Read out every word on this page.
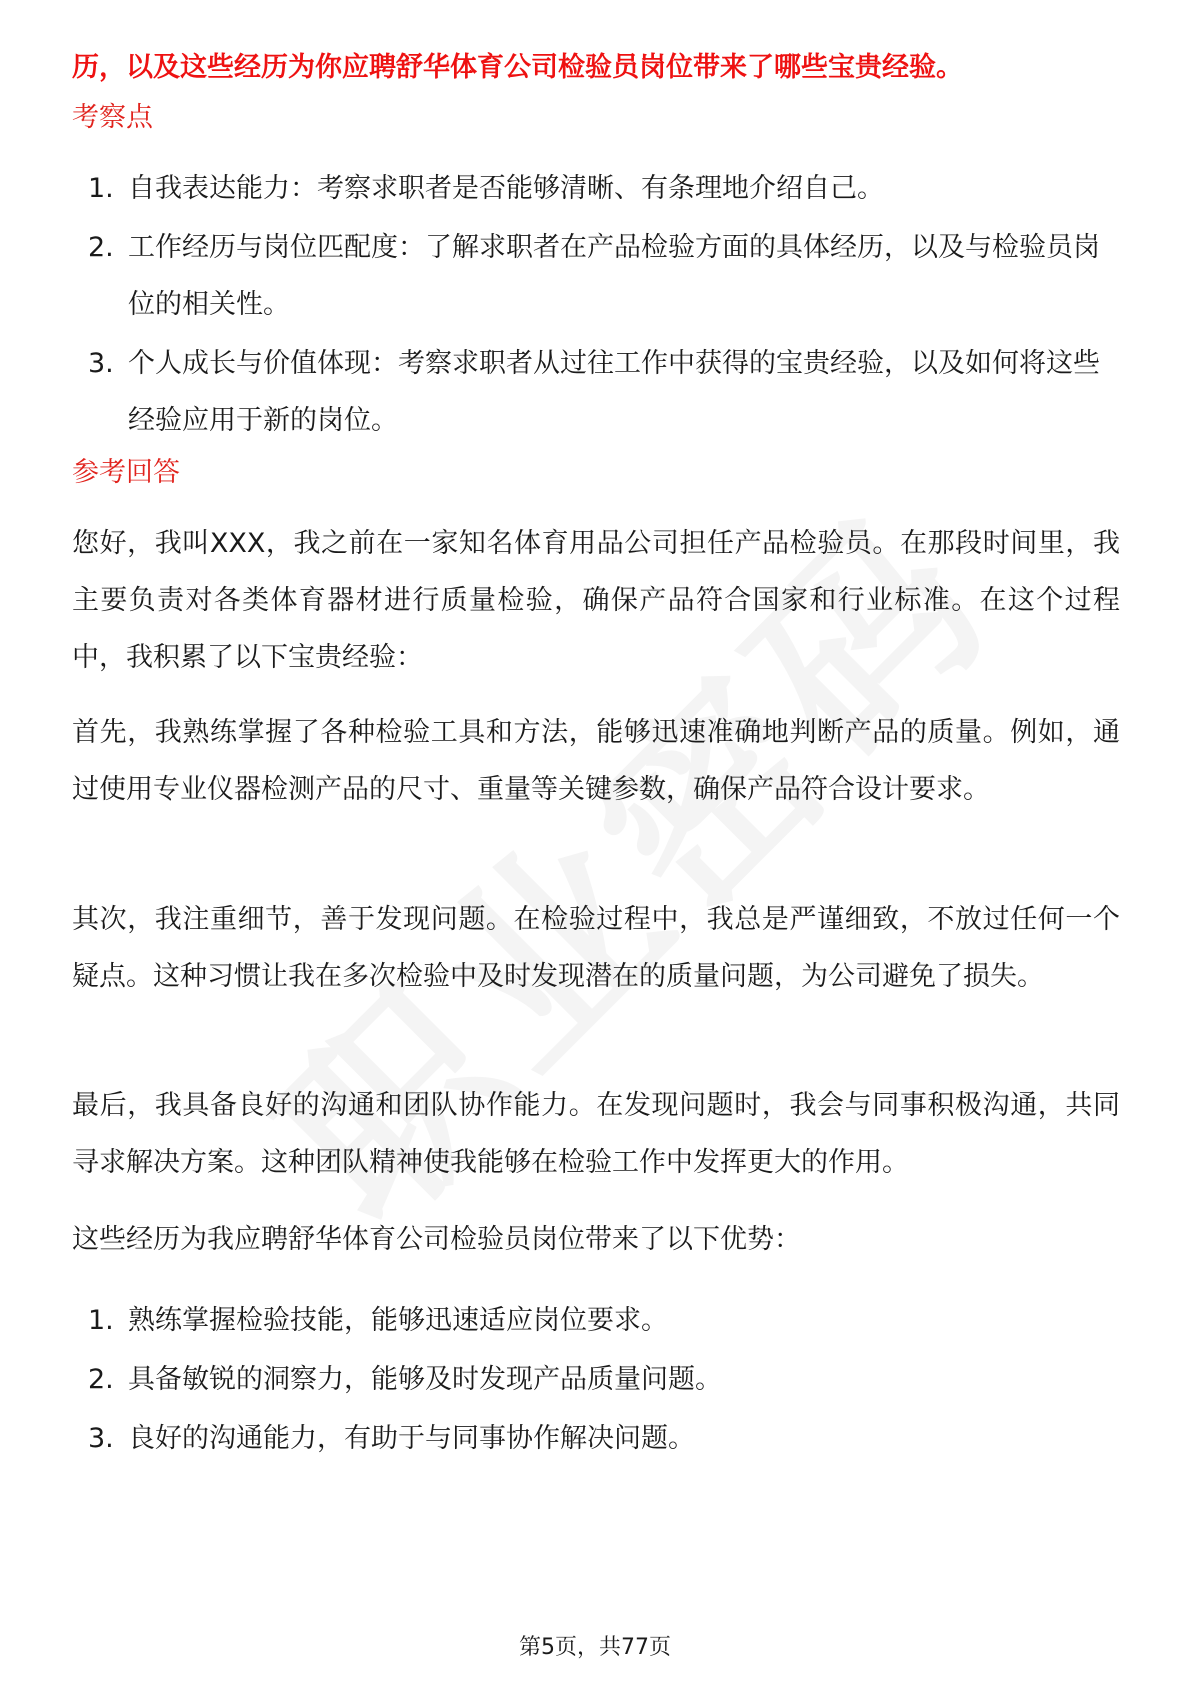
历，以及这些经历为你应聘舒华体育公司检验员岗位带来了哪些宝贵经验。
考察点
1. 自我表达能力：考察求职者是否能够清晰、有条理地介绍自己。
2. 工作经历与岗位匹配度：了解求职者在产品检验方面的具体经历，以及与检验员岗位的相关性。
3. 个人成长与价值体现：考察求职者从过往工作中获得的宝贵经验，以及如何将这些经验应用于新的岗位。
参考回答

您好，我叫XXX，我之前在一家知名体育用品公司担任产品检验员。在那段时间里，我主要负责对各类体育器材进行质量检验，确保产品符合国家和行业标准。在这个过程中，我积累了以下宝贵经验：

首先，我熟练掌握了各种检验工具和方法，能够迅速准确地判断产品的质量。例如，通过使用专业仪器检测产品的尺寸、重量等关键参数，确保产品符合设计要求。

其次，我注重细节，善于发现问题。在检验过程中，我总是严谨细致，不放过任何一个疑点。这种习惯让我在多次检验中及时发现潜在的质量问题，为公司避免了损失。

最后，我具备良好的沟通和团队协作能力。在发现问题时，我会与同事积极沟通，共同寻求解决方案。这种团队精神使我能够在检验工作中发挥更大的作用。

这些经历为我应聘舒华体育公司检验员岗位带来了以下优势：

1. 熟练掌握检验技能，能够迅速适应岗位要求。
2. 具备敏锐的洞察力，能够及时发现产品质量问题。
3. 良好的沟通能力，有助于与同事协作解决问题。
第5页，共77页
